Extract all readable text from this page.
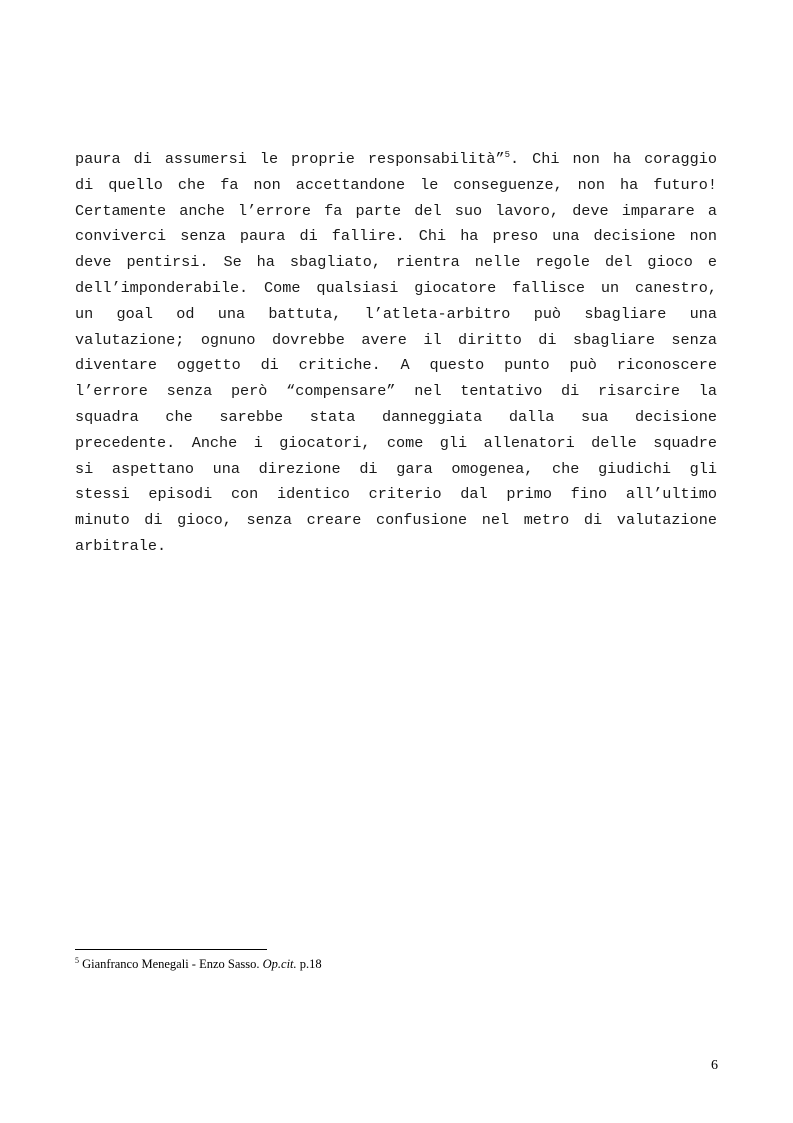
paura di assumersi le proprie responsabilità”$^5$. Chi non ha coraggio
di quello che fa non accettandone le conseguenze, non ha futuro!
Certamente anche l’errore fa parte del suo lavoro, deve imparare a
conviverci senza paura di fallire. Chi ha preso una decisione non
deve pentirsi. Se ha sbagliato, rientra nelle regole del gioco e
dell’imponderabile. Come qualsiasi giocatore fallisce un canestro,
un goal od una battuta, l’atleta-arbitro può sbagliare una
valutazione; ognuno dovrebbe avere il diritto di sbagliare senza
diventare oggetto di critiche. A questo punto può riconoscere
l’errore senza però “compensare” nel tentativo di risarcire la
squadra che sarebbe stata danneggiata dalla sua decisione
precedente. Anche i giocatori, come gli allenatori delle squadre
si aspettano una direzione di gara omogenea, che giudichi gli
stessi episodi con identico criterio dal primo fino all’ultimo
minuto di gioco, senza creare confusione nel metro di valutazione
arbitrale.
$^5$ Gianfranco Menegali - Enzo Sasso. Op.cit. p.18
6
